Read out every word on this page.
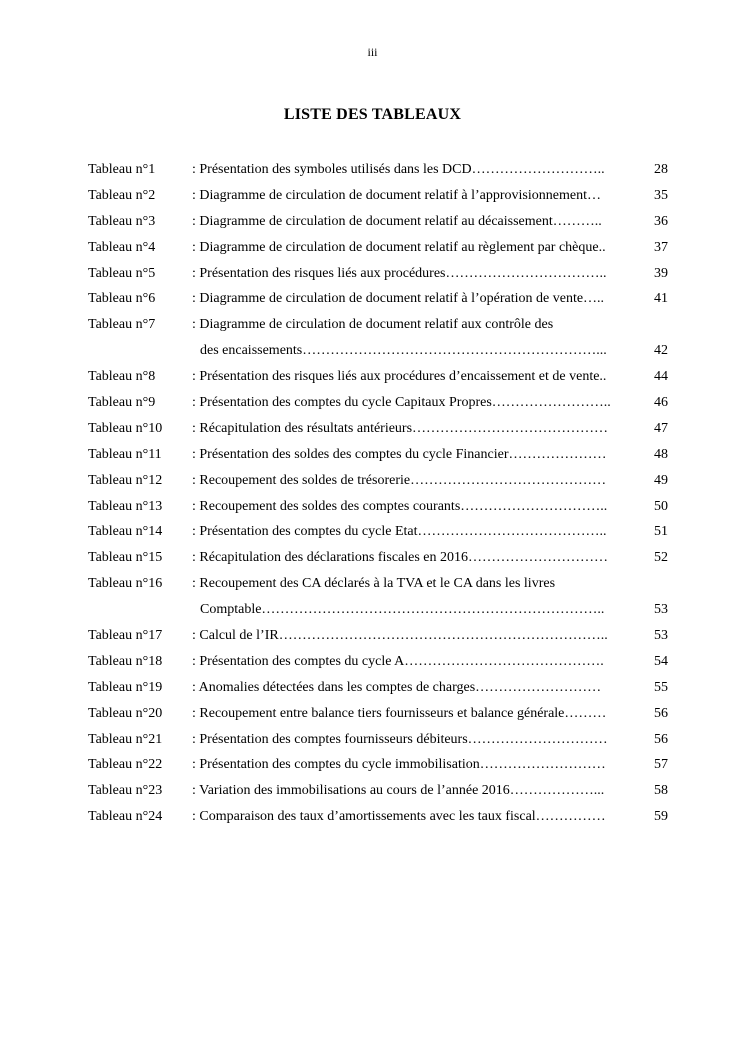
iii
LISTE DES TABLEAUX
Tableau n°1	: Présentation des symboles utilisés dans les DCD………………………..	28
Tableau n°2	: Diagramme de circulation de document relatif à l’approvisionnement…	35
Tableau n°3	: Diagramme de circulation de document relatif au décaissement………..	36
Tableau n°4	: Diagramme de circulation de document relatif au règlement par chèque..	37
Tableau n°5	: Présentation des risques liés aux procédures……………………………..	39
Tableau n°6	: Diagramme de circulation de document relatif à l’opération de vente…..	41
Tableau n°7	: Diagramme de circulation de document relatif aux contrôle des
des encaissements………………………………………………………...	42
Tableau n°8	: Présentation des risques liés aux procédures d’encaissement et de vente..	44
Tableau n°9	: Présentation des comptes du cycle Capitaux Propres……………………..	46
Tableau n°10 : Récapitulation des résultats antérieurs……………………………………	47
Tableau n°11 : Présentation des soldes des comptes du cycle Financier…………………	48
Tableau n°12 : Recoupement des soldes de trésorerie……………………………………	49
Tableau n°13 : Recoupement des soldes des comptes courants…………………………..	50
Tableau n°14 : Présentation des comptes du cycle Etat…………………………………..	51
Tableau n°15 : Récapitulation des déclarations fiscales en 2016…………………………	52
Tableau n°16 : Recoupement des CA déclarés à la TVA et le CA dans les livres
Comptable………………………………………………………………..	53
Tableau n°17 : Calcul de l’IR……………………………………………………………..	53
Tableau n°18 : Présentation des comptes du cycle A…………………………………….	54
Tableau n°19 : Anomalies détectées dans les comptes de charges………………………	55
Tableau n°20 : Recoupement entre balance tiers fournisseurs et balance générale………	56
Tableau n°21 : Présentation des comptes fournisseurs débiteurs…………………………	56
Tableau n°22 : Présentation des comptes du cycle immobilisation………………………	57
Tableau n°23 : Variation des immobilisations au cours de l’année 2016………………...	58
Tableau n°24 : Comparaison des taux d’amortissements avec les taux fiscal……………	59
